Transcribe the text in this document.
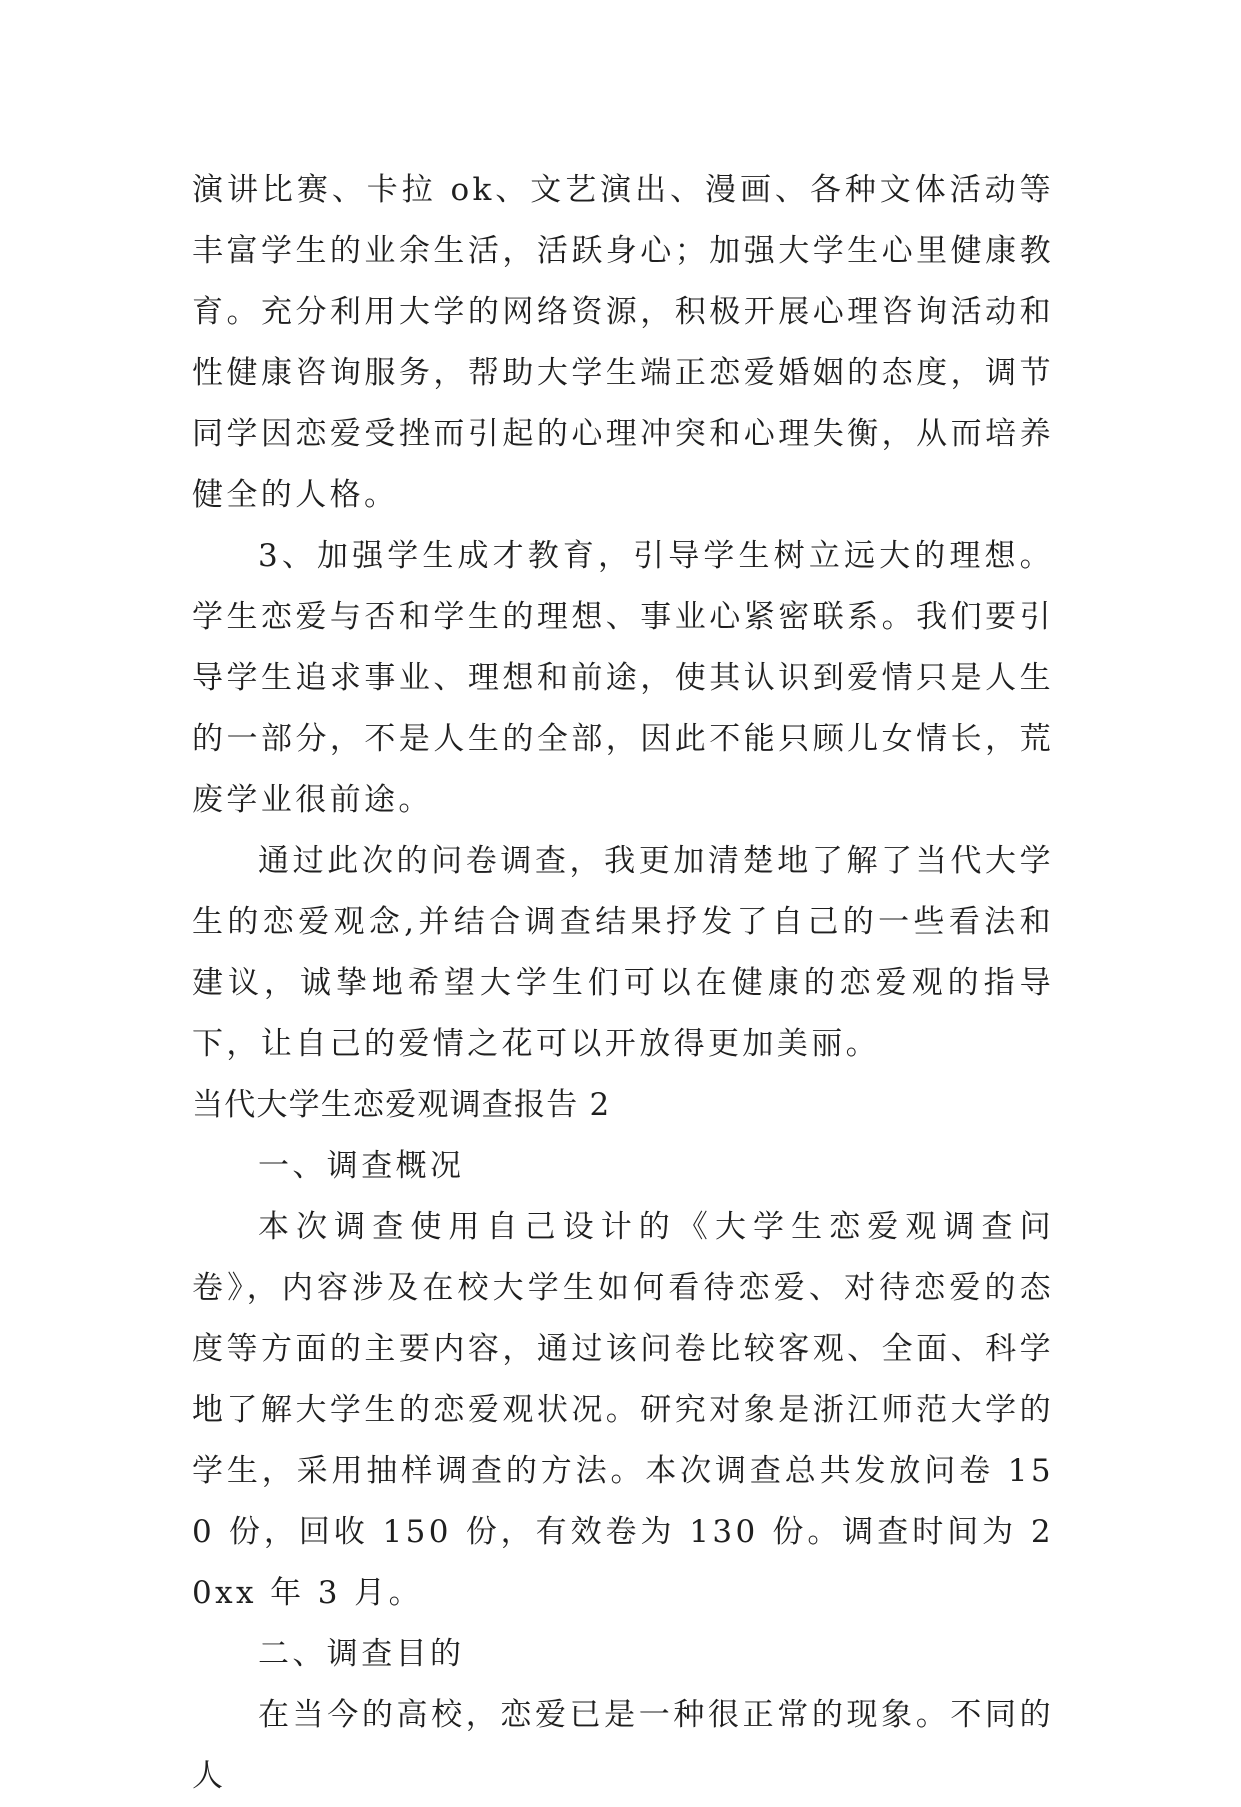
演讲比赛、卡拉 ok、文艺演出、漫画、各种文体活动等丰富学生的业余生活，活跃身心；加强大学生心里健康教育。充分利用大学的网络资源，积极开展心理咨询活动和性健康咨询服务，帮助大学生端正恋爱婚姻的态度，调节同学因恋爱受挫而引起的心理冲突和心理失衡，从而培养健全的人格。

3、加强学生成才教育，引导学生树立远大的理想。学生恋爱与否和学生的理想、事业心紧密联系。我们要引导学生追求事业、理想和前途，使其认识到爱情只是人生的一部分，不是人生的全部，因此不能只顾儿女情长，荒废学业很前途。

通过此次的问卷调查，我更加清楚地了解了当代大学生的恋爱观念,并结合调查结果抒发了自己的一些看法和建议，诚挚地希望大学生们可以在健康的恋爱观的指导下，让自己的爱情之花可以开放得更加美丽。

当代大学生恋爱观调查报告 2

一、调查概况

本次调查使用自己设计的《大学生恋爱观调查问卷》，内容涉及在校大学生如何看待恋爱、对待恋爱的态度等方面的主要内容，通过该问卷比较客观、全面、科学地了解大学生的恋爱观状况。研究对象是浙江师范大学的学生，采用抽样调查的方法。本次调查总共发放问卷 150 份，回收 150 份，有效卷为 130 份。调查时间为 20xx 年 3 月。

二、调查目的

在当今的高校，恋爱已是一种很正常的现象。不同的人
